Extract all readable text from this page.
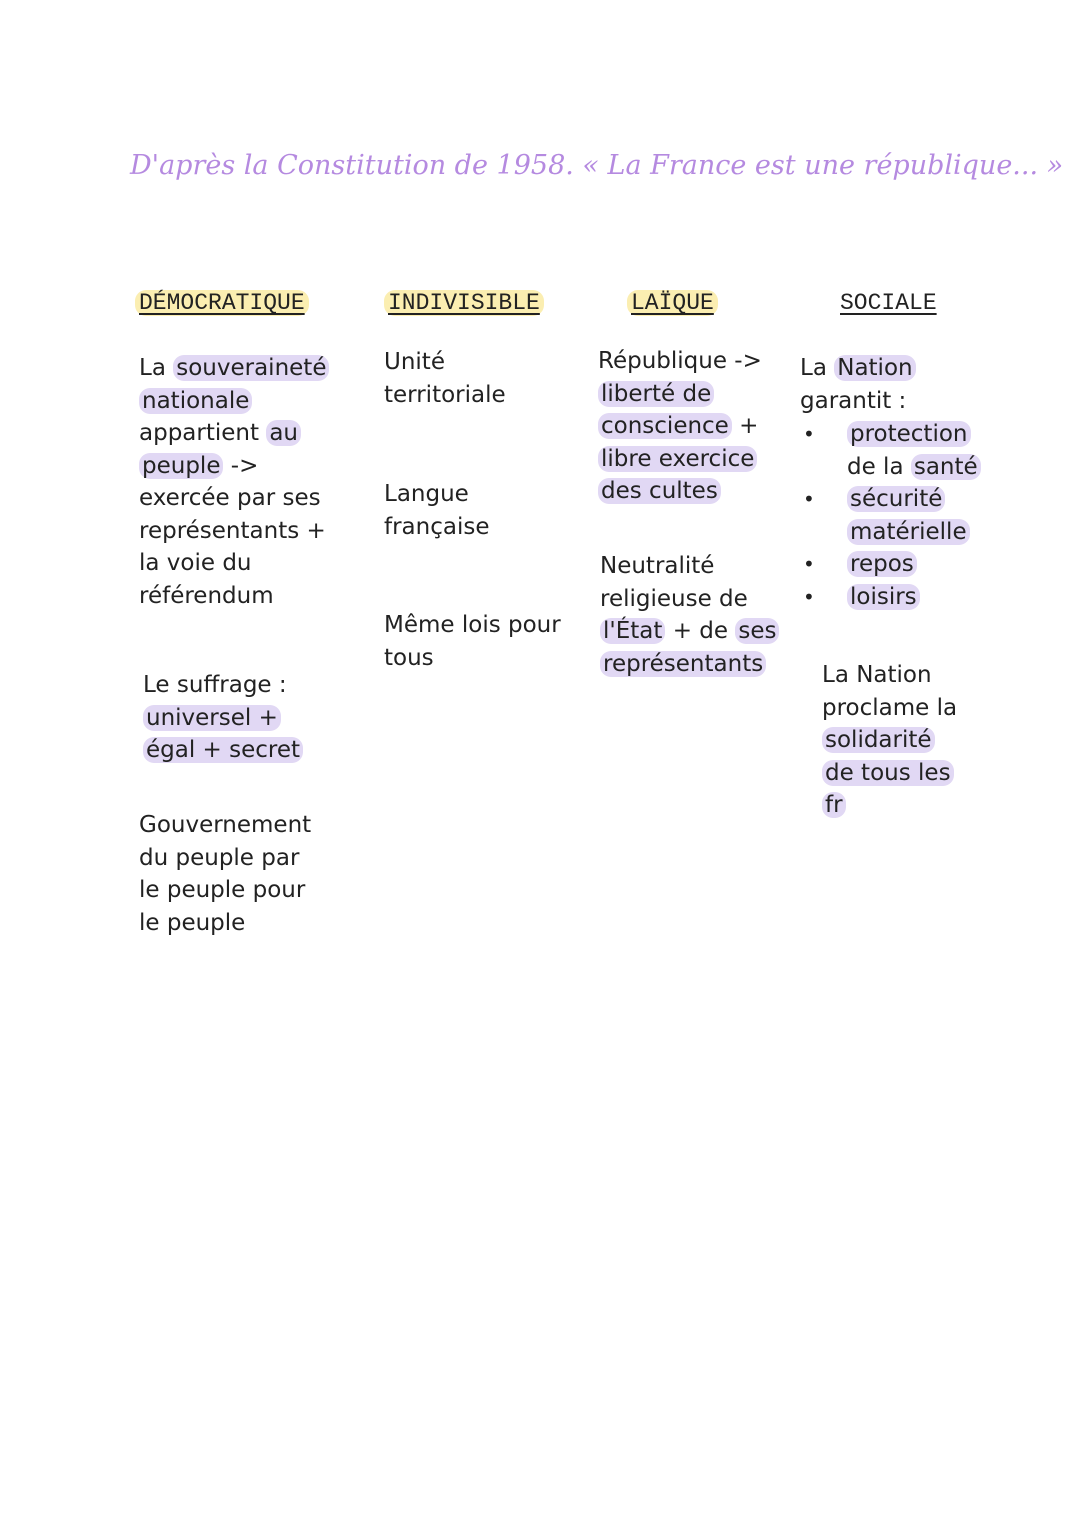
D'après la Constitution de 1958. « La France est une république... »
DÉMOCRATIQUE
La souveraineté
nationale
appartient au
peuple ->
exercée par ses
représentants +
la voie du
référendum
Le suffrage :
universel +
égal + secret
Gouvernement
du peuple par
le peuple pour
le peuple
INDIVISIBLE
Unité
territoriale
Langue
française
Même lois pour
tous
LAÏQUE
République ->
liberté de
conscience +
libre exercice
des cultes
Neutralité
religieuse de
l'État + de ses
représentants
SOCIALE
La Nation
garantit :
• protection
de la santé
• sécurité
matérielle
• repos
• loisirs
La Nation
proclame la
solidarité
de tous les
fr
